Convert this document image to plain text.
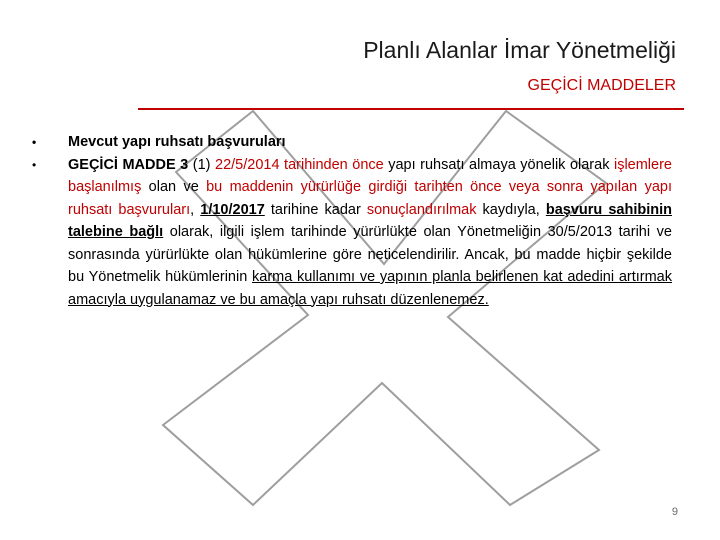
Planlı Alanlar İmar Yönetmeliği
GEÇİCİ MADDELER
• Mevcut yapı ruhsatı başvuruları
• GEÇİCİ MADDE 3 (1) 22/5/2014 tarihinden önce yapı ruhsatı almaya yönelik olarak işlemlere başlanılmış olan ve bu maddenin yürürlüğe girdiği tarihten önce veya sonra yapılan yapı ruhsatı başvuruları, 1/10/2017 tarihine kadar sonuçlandırılmak kaydıyla, başvuru sahibinin talebine bağlı olarak, ilgili işlem tarihinde yürürlükte olan Yönetmeliğin 30/5/2013 tarihi ve sonrasında yürürlükte olan hükümlerine göre neticelendirilir. Ancak, bu madde hiçbir şekilde bu Yönetmelik hükümlerinin karma kullanımı ve yapının planla belirlenen kat adedini artırmak amacıyla uygulanamaz ve bu amaçla yapı ruhsatı düzenlenemez.
9
